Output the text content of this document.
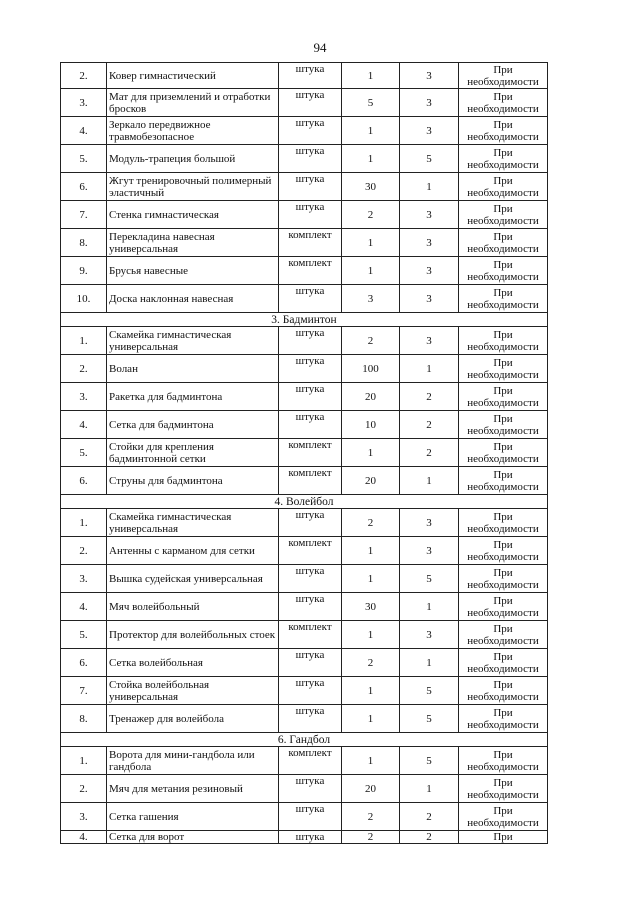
94
2.	Ковер гимнастический	штука	1	3	При необходимости
3.	Мат для приземлений и отработки бросков	штука	5	3	При необходимости
4.	Зеркало передвижное травмобезопасное	штука	1	3	При необходимости
5.	Модуль-трапеция большой	штука	1	5	При необходимости
6.	Жгут тренировочный полимерный эластичный	штука	30	1	При необходимости
7.	Стенка гимнастическая	штука	2	3	При необходимости
8.	Перекладина навесная универсальная	комплект	1	3	При необходимости
9.	Брусья навесные	комплект	1	3	При необходимости
10.	Доска наклонная навесная	штука	3	3	При необходимости
3. Бадминтон					
1.	Скамейка гимнастическая универсальная	штука	2	3	При необходимости
2.	Волан	штука	100	1	При необходимости
3.	Ракетка для бадминтона	штука	20	2	При необходимости
4.	Сетка для бадминтона	штука	10	2	При необходимости
5.	Стойки для крепления бадминтонной сетки	комплект	1	2	При необходимости
6.	Струны для бадминтона	комплект	20	1	При необходимости
4. Волейбол					
1.	Скамейка гимнастическая универсальная	штука	2	3	При необходимости
2.	Антенны с карманом для сетки	комплект	1	3	При необходимости
3.	Вышка судейская универсальная	штука	1	5	При необходимости
4.	Мяч волейбольный	штука	30	1	При необходимости
5.	Протектор для волейбольных стоек	комплект	1	3	При необходимости
6.	Сетка волейбольная	штука	2	1	При необходимости
7.	Стойка волейбольная универсальная	штука	1	5	При необходимости
8.	Тренажер для волейбола	штука	1	5	При необходимости
6. Гандбол					
1.	Ворота для мини-гандбола или гандбола	комплект	1	5	При необходимости
2.	Мяч для метания резиновый	штука	20	1	При необходимости
3.	Сетка гашения	штука	2	2	При необходимости
4.	Сетка для ворот	штука	2	2	При
